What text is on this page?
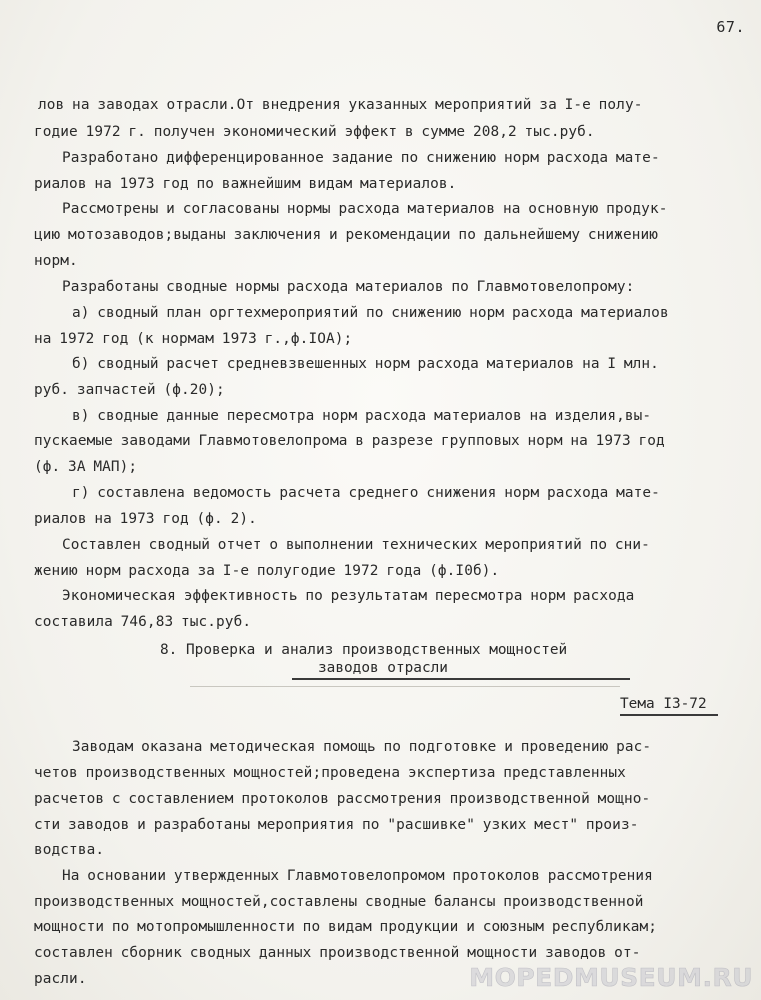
67.
лов на заводах отрасли.От внедрения указанных мероприятий за I-е полу-
годие 1972 г. получен экономический эффект в сумме 208,2 тыс.руб.
Разработано дифференцированное задание по снижению норм расхода мате-
риалов на 1973 год по важнейшим видам материалов.
Рассмотрены и согласованы нормы расхода материалов на основную продук-
цию мотозаводов;выданы заключения и рекомендации по дальнейшему снижению
норм.
Разработаны сводные нормы расхода материалов по Главмотовелопрому:
а) сводный план оргтехмероприятий по снижению норм расхода материалов
на 1972 год (к нормам 1973 г.,ф.IOA);
б) сводный расчет средневзвешенных норм расхода материалов на I млн.
руб. запчастей (ф.20);
в) сводные данные пересмотра норм расхода материалов на изделия,вы-
пускаемые заводами Главмотовелопрома в разрезе групповых норм на 1973 год
(ф. 3А МАП);
г) составлена ведомость расчета среднего снижения норм расхода мате-
риалов на 1973 год (ф. 2).
Составлен сводный отчет о выполнении технических мероприятий по сни-
жению норм расхода за I-е полугодие 1972 года (ф.I0б).
Экономическая эффективность по результатам пересмотра норм расхода
составила 746,83 тыс.руб.
8. Проверка и анализ производственных мощностей
заводов отрасли
Тема I3-72
Заводам оказана методическая помощь по подготовке и проведению рас-
четов производственных мощностей;проведена экспертиза представленных
расчетов с составлением протоколов рассмотрения производственной мощно-
сти заводов и разработаны мероприятия по "расшивке" узких мест" произ-
водства.
На основании утвержденных Главмотовелопромом протоколов рассмотрения
производственных мощностей,составлены сводные балансы производственной
мощности по мотопромышленности по видам продукции и союзным республикам;
составлен сборник сводных данных производственной мощности заводов от-
расли.	MOPEDMUSEUM.RU
